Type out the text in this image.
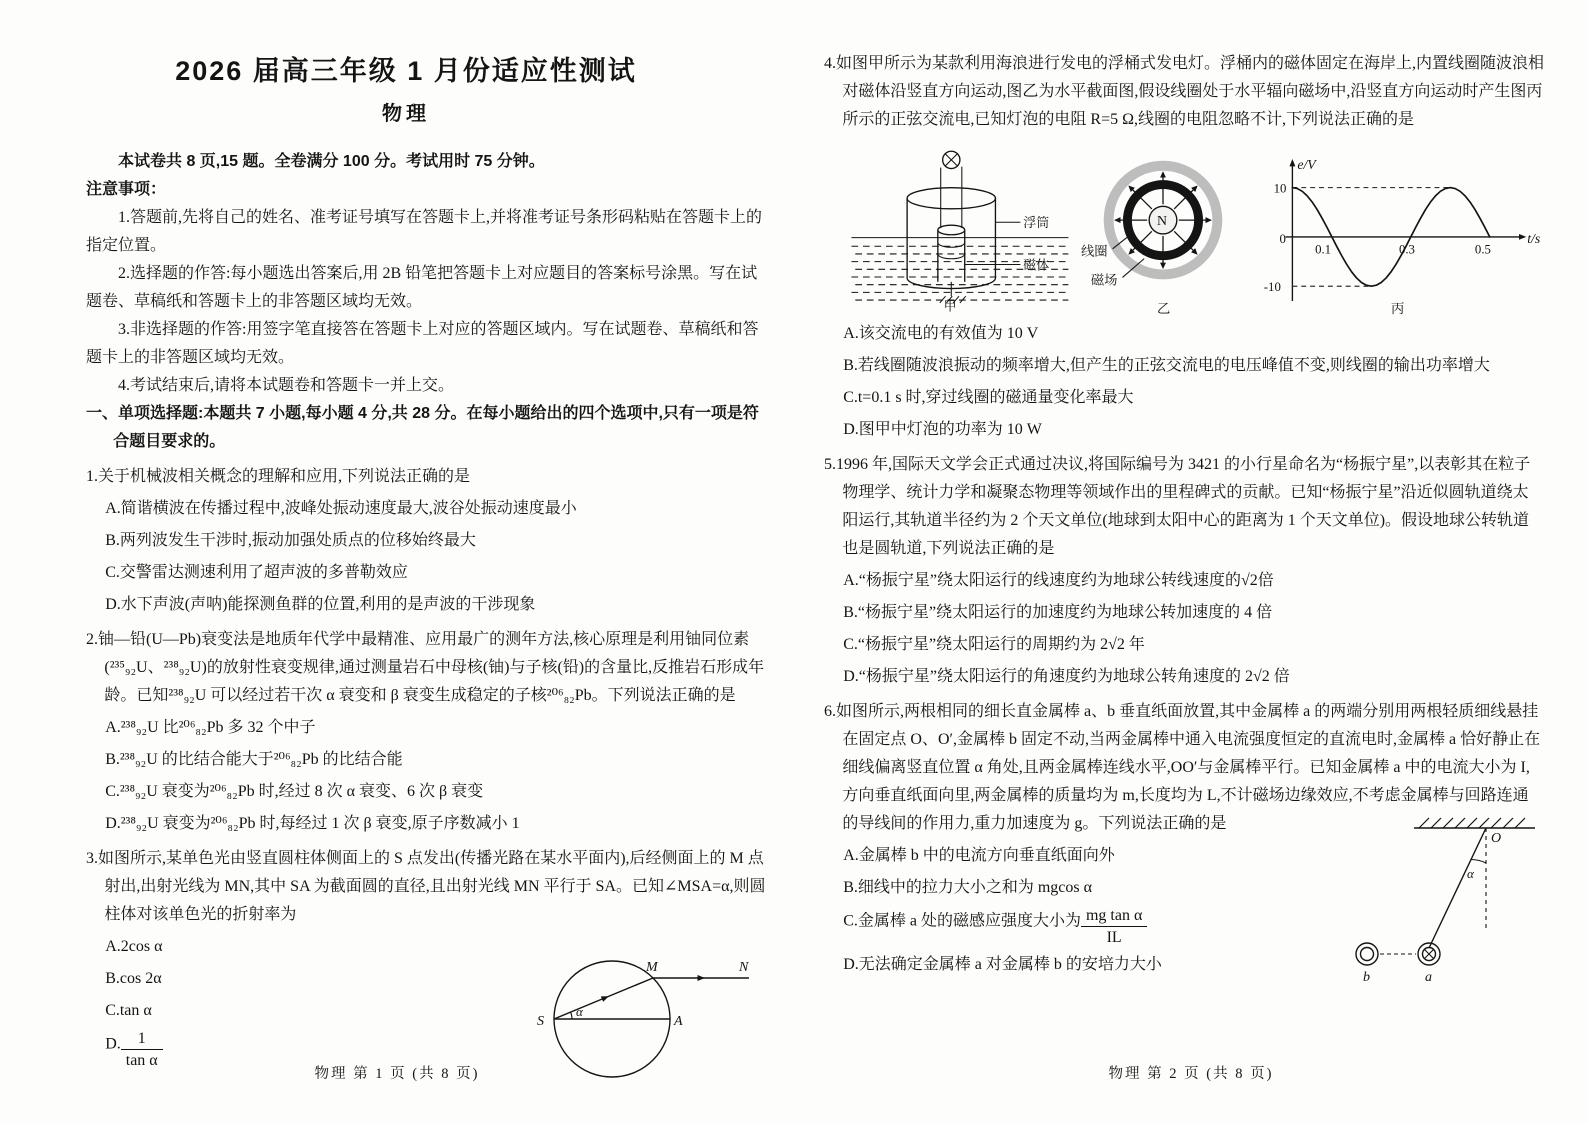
2026 届高三年级 1 月份适应性测试
物理

本试卷共 8 页,15 题。全卷满分 100 分。考试用时 75 分钟。

注意事项：

1.答题前,先将自己的姓名、准考证号填写在答题卡上,并将准考证号条形码粘贴在答题卡上的指定位置。

2.选择题的作答:每小题选出答案后,用 2B 铅笔把答题卡上对应题目的答案标号涂黑。写在试题卷、草稿纸和答题卡上的非答题区域均无效。

3.非选择题的作答:用签字笔直接答在答题卡上对应的答题区域内。写在试题卷、草稿纸和答题卡上的非答题区域均无效。

4.考试结束后,请将本试题卷和答题卡一并上交。

一、单项选择题:本题共 7 小题,每小题 4 分,共 28 分。在每小题给出的四个选项中,只有一项是符合题目要求的。

1.关于机械波相关概念的理解和应用,下列说法正确的是

A.简谐横波在传播过程中,波峰处振动速度最大,波谷处振动速度最小

B.两列波发生干涉时,振动加强处质点的位移始终最大

C.交警雷达测速利用了超声波的多普勒效应

D.水下声波(声呐)能探测鱼群的位置,利用的是声波的干涉现象

2.铀—铅(U—Pb)衰变法是地质年代学中最精准、应用最广的测年方法,核心原理是利用铀同位素(²³⁵₉₂U、²³⁸₉₂U)的放射性衰变规律,通过测量岩石中母核(铀)与子核(铅)的含量比,反推岩石形成年龄。已知²³⁸₉₂U 可以经过若干次 α 衰变和 β 衰变生成稳定的子核²⁰⁶₈₂Pb。下列说法正确的是

A.²³⁸₉₂U 比²⁰⁶₈₂Pb 多 32 个中子

B.²³⁸₉₂U 的比结合能大于²⁰⁶₈₂Pb 的比结合能

C.²³⁸₉₂U 衰变为²⁰⁶₈₂Pb 时,经过 8 次 α 衰变、6 次 β 衰变

D.²³⁸₉₂U 衰变为²⁰⁶₈₂Pb 时,每经过 1 次 β 衰变,原子序数减小 1

3.如图所示,某单色光由竖直圆柱体侧面上的 S 点发出(传播光路在某水平面内),后经侧面上的 M 点射出,出射光线为 MN,其中 SA 为截面圆的直径,且出射光线 MN 平行于 SA。已知∠MSA=α,则圆柱体对该单色光的折射率为

A.2cos α

B.cos 2α

C.tan α

D. $\frac{1}{\text{tan α}}$

S	A
M	N
α
物理 第 1 页 (共 8 页)

4.如图甲所示为某款利用海浪进行发电的浮桶式发电灯。浮桶内的磁体固定在海岸上,内置线圈随波浪相对磁体沿竖直方向运动,图乙为水平截面图,假设线圈处于水平辐向磁场中,沿竖直方向运动时产生图丙所示的正弦交流电,已知灯泡的电阻 R=5 Ω,线圈的电阻忽略不计,下列说法正确的是

浮筒
磁体
甲
N
线圈
磁场
乙
e/V
10
0
-10
0.1	0.3	0.5
t/s
丙

A.该交流电的有效值为 10 V

B.若线圈随波浪振动的频率增大,但产生的正弦交流电的电压峰值不变,则线圈的输出功率增大

C.t=0.1 s 时,穿过线圈的磁通量变化率最大

D.图甲中灯泡的功率为 10 W

5.1996 年,国际天文学会正式通过决议,将国际编号为 3421 的小行星命名为“杨振宁星”,以表彰其在粒子物理学、统计力学和凝聚态物理等领域作出的里程碑式的贡献。已知“杨振宁星”沿近似圆轨道绕太阳运行,其轨道半径约为 2 个天文单位(地球到太阳中心的距离为 1 个天文单位)。假设地球公转轨道也是圆轨道,下列说法正确的是

A.“杨振宁星”绕太阳运行的线速度约为地球公转线速度的√2倍

B.“杨振宁星”绕太阳运行的加速度约为地球公转加速度的 4 倍

C.“杨振宁星”绕太阳运行的周期约为 2√2 年

D.“杨振宁星”绕太阳运行的角速度约为地球公转角速度的 2√2 倍

6.如图所示,两根相同的细长直金属棒 a、b 垂直纸面放置,其中金属棒 a 的两端分别用两根轻质细线悬挂在固定点 O、O′,金属棒 b 固定不动,当两金属棒中通入电流强度恒定的直流电时,金属棒 a 恰好静止在细线偏离竖直位置 α 角处,且两金属棒连线水平,OO′与金属棒平行。已知金属棒 a 中的电流大小为 I,方向垂直纸面向里,两金属棒的质量均为 m,长度均为 L,不计磁场边缘效应,不考虑金属棒与回路连通的导线间的作用力,重力加速度为 g。下列说法正确的是

O
α
b	a

A.金属棒 b 中的电流方向垂直纸面向外

B.细线中的拉力大小之和为 mgcos α

C.金属棒 a 处的磁感应强度大小为 $\frac{\text{mg tan α}}{IL}$

D.无法确定金属棒 a 对金属棒 b 的安培力大小

物理 第 2 页 (共 8 页)
